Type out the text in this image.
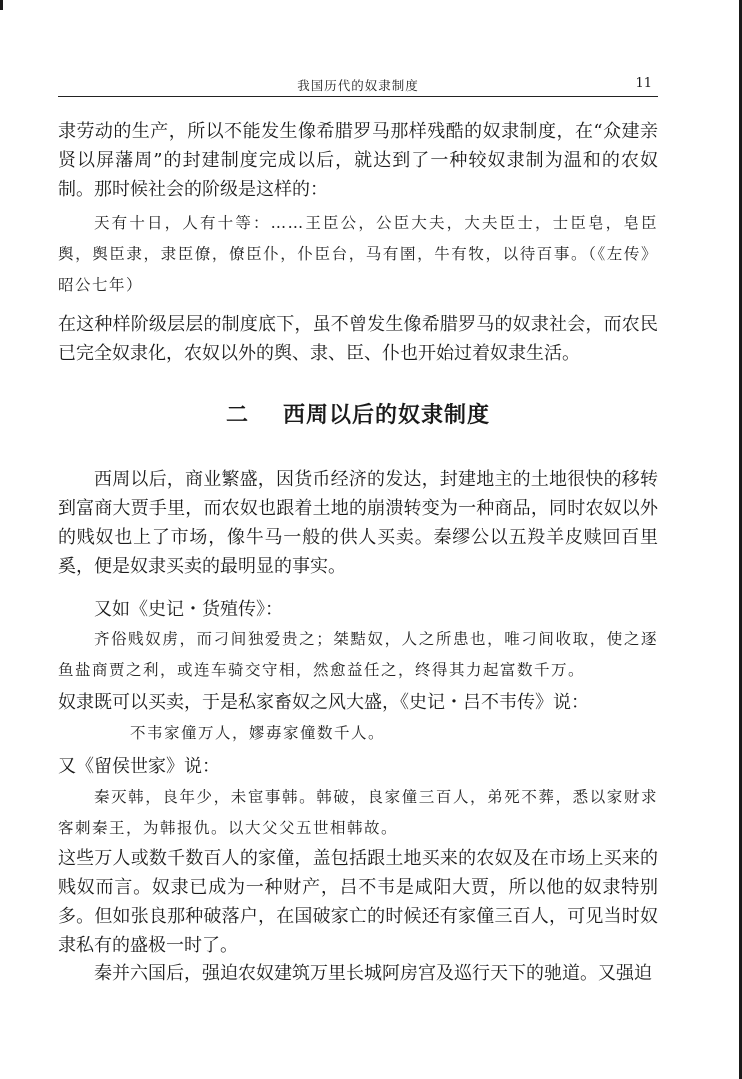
我国历代的奴隶制度	11

隶劳动的生产，所以不能发生像希腊罗马那样残酷的奴隶制度，在“众建亲贤以屏藩周”的封建制度完成以后，就达到了一种较奴隶制为温和的农奴制。那时候社会的阶级是这样的：

天有十日，人有十等：……王臣公，公臣大夫，大夫臣士，士臣皂，皂臣舆，舆臣隶，隶臣僚，僚臣仆，仆臣台，马有圉，牛有牧，以待百事。（《左传》昭公七年）

在这种样阶级层层的制度底下，虽不曾发生像希腊罗马的奴隶社会，而农民已完全奴隶化，农奴以外的舆、隶、臣、仆也开始过着奴隶生活。

二 西周以后的奴隶制度

西周以后，商业繁盛，因货币经济的发达，封建地主的土地很快的移转到富商大贾手里，而农奴也跟着土地的崩溃转变为一种商品，同时农奴以外的贱奴也上了市场，像牛马一般的供人买卖。秦缪公以五羖羊皮赎回百里奚，便是奴隶买卖的最明显的事实。

又如《史记・货殖传》：

齐俗贱奴虏，而刁间独爱贵之；桀黠奴，人之所患也，唯刁间收取，使之逐鱼盐商贾之利，或连车骑交守相，然愈益任之，终得其力起富数千万。

奴隶既可以买卖，于是私家畜奴之风大盛，《史记・吕不韦传》说：

不韦家僮万人，嫪毐家僮数千人。

又《留侯世家》说：

秦灭韩，良年少，未宦事韩。韩破，良家僮三百人，弟死不葬，悉以家财求客刺秦王，为韩报仇。以大父父五世相韩故。

这些万人或数千数百人的家僮，盖包括跟土地买来的农奴及在市场上买来的贱奴而言。奴隶已成为一种财产，吕不韦是咸阳大贾，所以他的奴隶特别多。但如张良那种破落户，在国破家亡的时候还有家僮三百人，可见当时奴隶私有的盛极一时了。

秦并六国后，强迫农奴建筑万里长城阿房宫及巡行天下的驰道。又强迫
